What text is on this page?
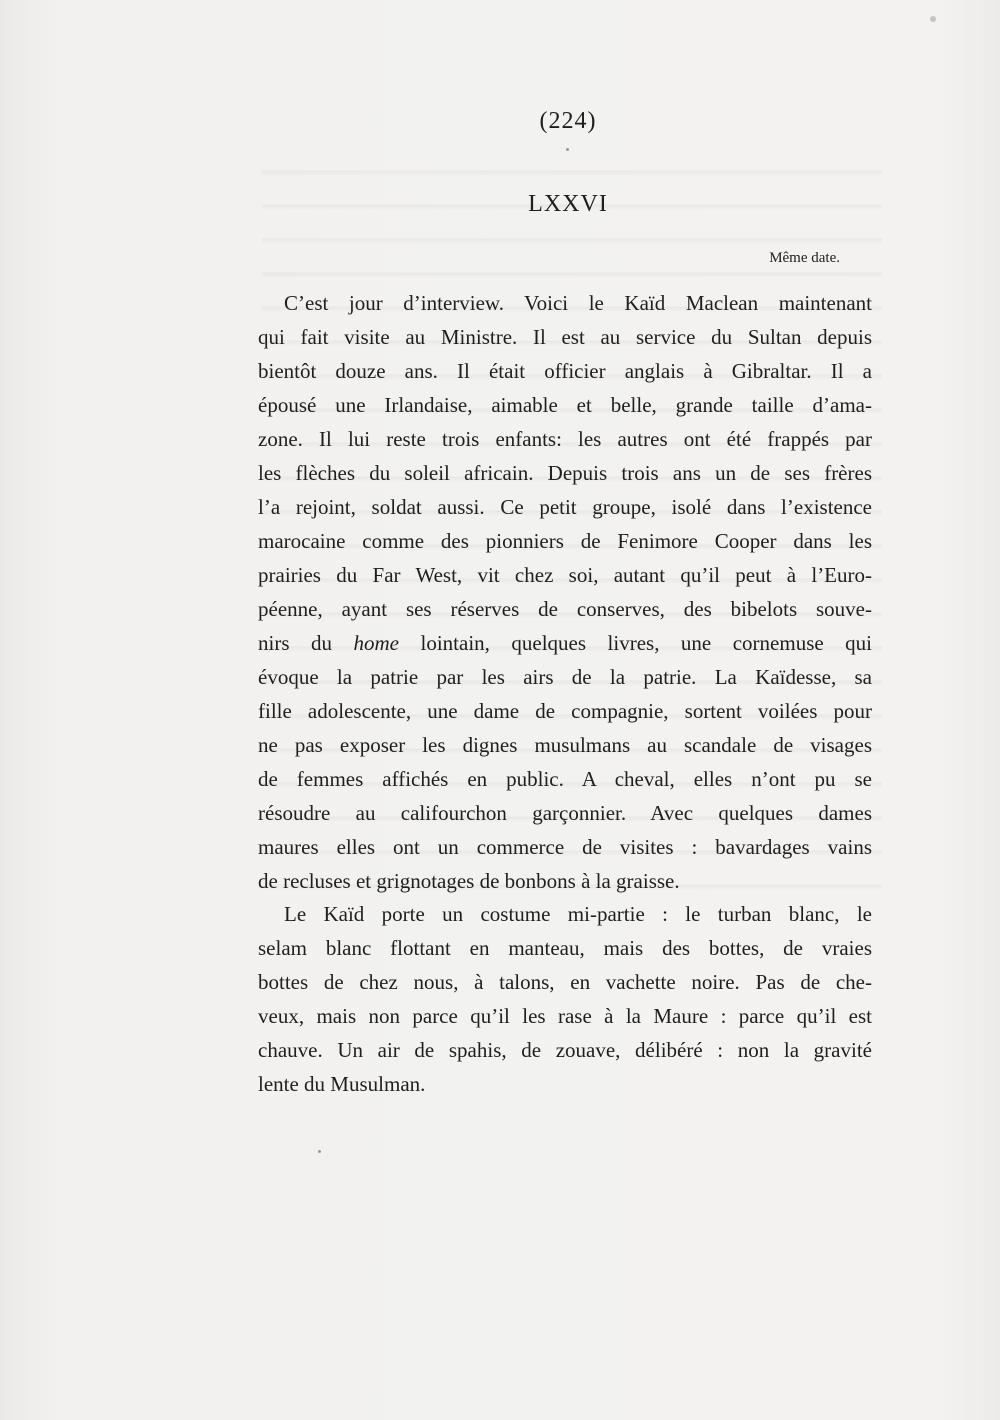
(224)
LXXVI
Même date.
C’est jour d’interview. Voici le Kaïd Maclean maintenant
qui fait visite au Ministre. Il est au service du Sultan depuis
bientôt douze ans. Il était officier anglais à Gibraltar. Il a
épousé une Irlandaise, aimable et belle, grande taille d’ama-
zone. Il lui reste trois enfants: les autres ont été frappés par
les flèches du soleil africain. Depuis trois ans un de ses frères
l’a rejoint, soldat aussi. Ce petit groupe, isolé dans l’existence
marocaine comme des pionniers de Fenimore Cooper dans les
prairies du Far West, vit chez soi, autant qu’il peut à l’Euro-
péenne, ayant ses réserves de conserves, des bibelots souve-
nirs du home lointain, quelques livres, une cornemuse qui
évoque la patrie par les airs de la patrie. La Kaïdesse, sa
fille adolescente, une dame de compagnie, sortent voilées pour
ne pas exposer les dignes musulmans au scandale de visages
de femmes affichés en public. A cheval, elles n’ont pu se
résoudre au califourchon garçonnier. Avec quelques dames
maures elles ont un commerce de visites : bavardages vains
de recluses et grignotages de bonbons à la graisse.
Le Kaïd porte un costume mi-partie : le turban blanc, le
selam blanc flottant en manteau, mais des bottes, de vraies
bottes de chez nous, à talons, en vachette noire. Pas de che-
veux, mais non parce qu’il les rase à la Maure : parce qu’il est
chauve. Un air de spahis, de zouave, délibéré : non la gravité
lente du Musulman.
